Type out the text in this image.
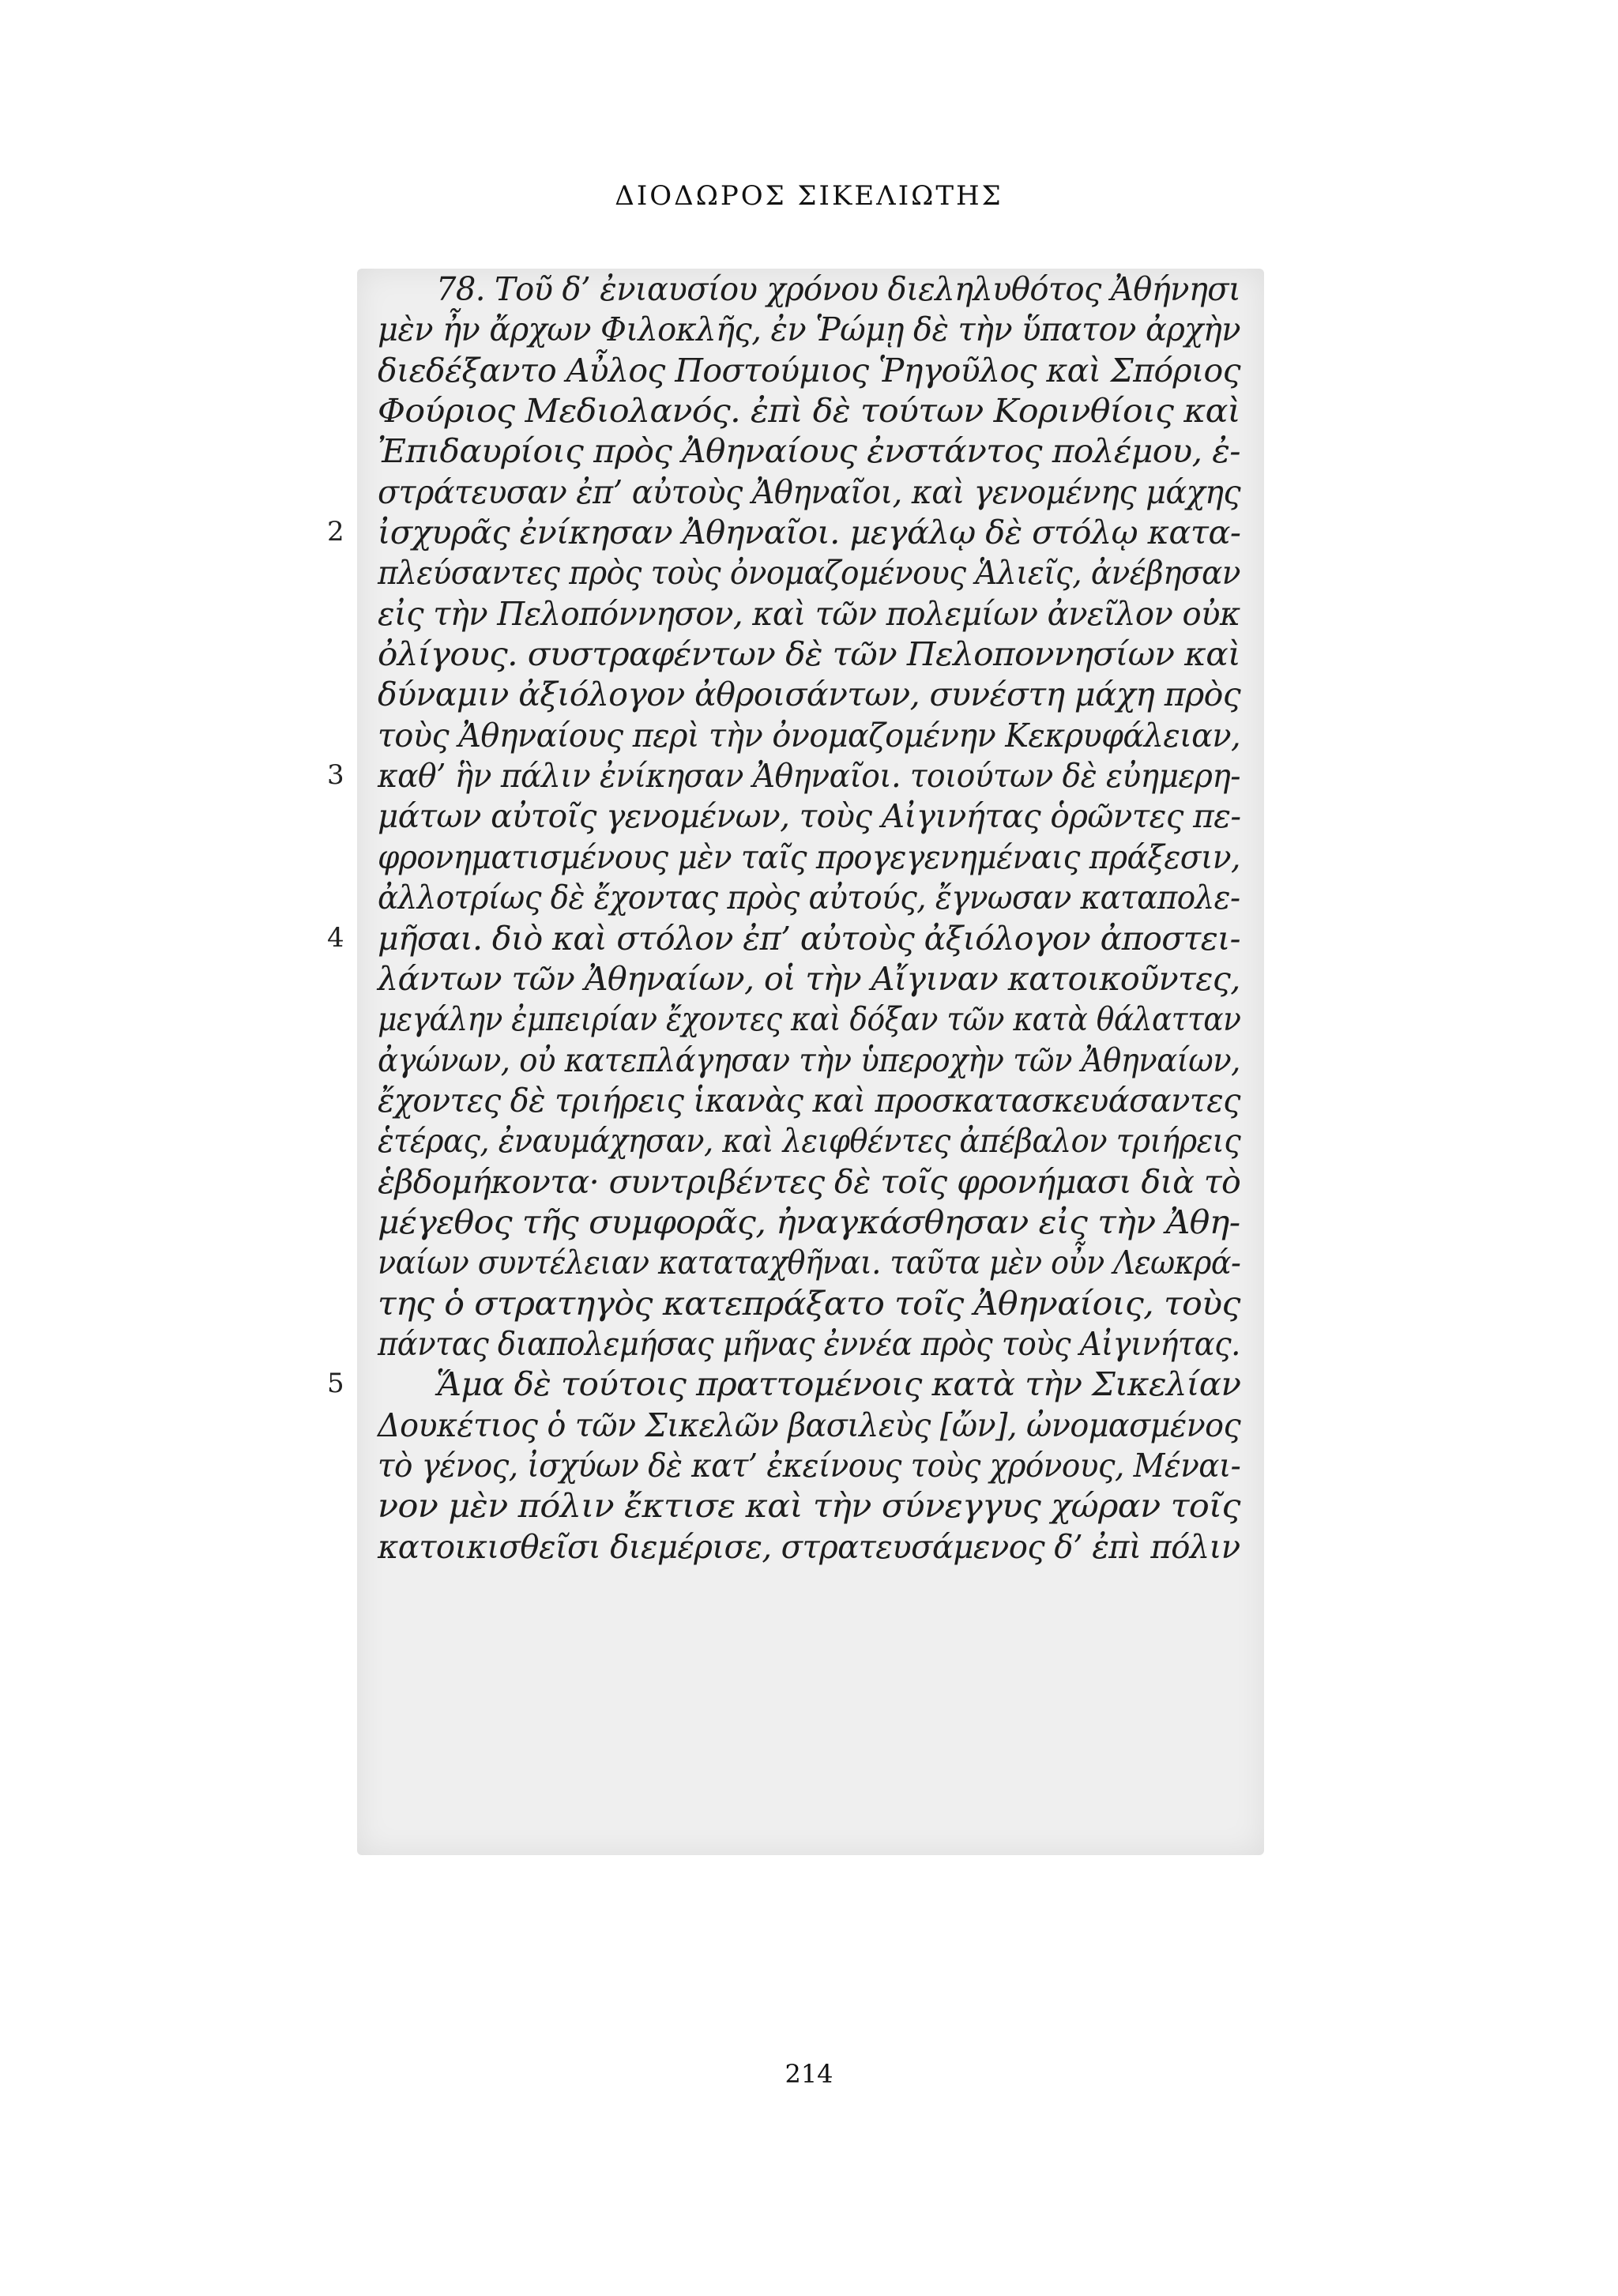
ΔΙΟΔΩΡΟΣ ΣΙΚΕΛΙΩΤΗΣ
78. Τοῦ δ’ ἐνιαυσίου χρόνου διεληλυθότος Ἀθήνησι
μὲν ἦν ἄρχων Φιλοκλῆς, ἐν Ῥώμῃ δὲ τὴν ὕπατον ἀρχὴν
διεδέξαντο Αὖλος Ποστούμιος Ῥηγοῦλος καὶ Σπόριος
Φούριος Μεδιολανός. ἐπὶ δὲ τούτων Κορινθίοις καὶ
Ἐπιδαυρίοις πρὸς Ἀθηναίους ἐνστάντος πολέμου, ἐ-
στράτευσαν ἐπ’ αὐτοὺς Ἀθηναῖοι, καὶ γενομένης μάχης
2 ἰσχυρᾶς ἐνίκησαν Ἀθηναῖοι. μεγάλῳ δὲ στόλῳ κατα-
πλεύσαντες πρὸς τοὺς ὀνομαζομένους Ἁλιεῖς, ἀνέβησαν
εἰς τὴν Πελοπόννησον, καὶ τῶν πολεμίων ἀνεῖλον οὐκ
ὀλίγους. συστραφέντων δὲ τῶν Πελοποννησίων καὶ
δύναμιν ἀξιόλογον ἀθροισάντων, συνέστη μάχη πρὸς
τοὺς Ἀθηναίους περὶ τὴν ὀνομαζομένην Κεκρυφάλειαν,
3 καθ’ ἣν πάλιν ἐνίκησαν Ἀθηναῖοι. τοιούτων δὲ εὐημερη-
μάτων αὐτοῖς γενομένων, τοὺς Αἰγινήτας ὁρῶντες πε-
φρονηματισμένους μὲν ταῖς προγεγενημέναις πράξεσιν,
ἀλλοτρίως δὲ ἔχοντας πρὸς αὐτούς, ἔγνωσαν καταπολε-
4 μῆσαι. διὸ καὶ στόλον ἐπ’ αὐτοὺς ἀξιόλογον ἀποστει-
λάντων τῶν Ἀθηναίων, οἱ τὴν Αἴγιναν κατοικοῦντες,
μεγάλην ἐμπειρίαν ἔχοντες καὶ δόξαν τῶν κατὰ θάλατταν
ἀγώνων, οὐ κατεπλάγησαν τὴν ὑπεροχὴν τῶν Ἀθηναίων,
ἔχοντες δὲ τριήρεις ἱκανὰς καὶ προσκατασκευάσαντες
ἑτέρας, ἐναυμάχησαν, καὶ λειφθέντες ἀπέβαλον τριήρεις
ἑβδομήκοντα· συντριβέντες δὲ τοῖς φρονήμασι διὰ τὸ
μέγεθος τῆς συμφορᾶς, ἠναγκάσθησαν εἰς τὴν Ἀθη-
ναίων συντέλειαν καταταχθῆναι. ταῦτα μὲν οὖν Λεωκρά-
της ὁ στρατηγὸς κατεπράξατο τοῖς Ἀθηναίοις, τοὺς
πάντας διαπολεμήσας μῆνας ἐννέα πρὸς τοὺς Αἰγινήτας.
5	Ἅμα δὲ τούτοις πραττομένοις κατὰ τὴν Σικελίαν
Δουκέτιος ὁ τῶν Σικελῶν βασιλεὺς [ὤν], ὠνομασμένος
τὸ γένος, ἰσχύων δὲ κατ’ ἐκείνους τοὺς χρόνους, Μέναι-
νον μὲν πόλιν ἔκτισε καὶ τὴν σύνεγγυς χώραν τοῖς
κατοικισθεῖσι διεμέρισε, στρατευσάμενος δ’ ἐπὶ πόλιν
214
